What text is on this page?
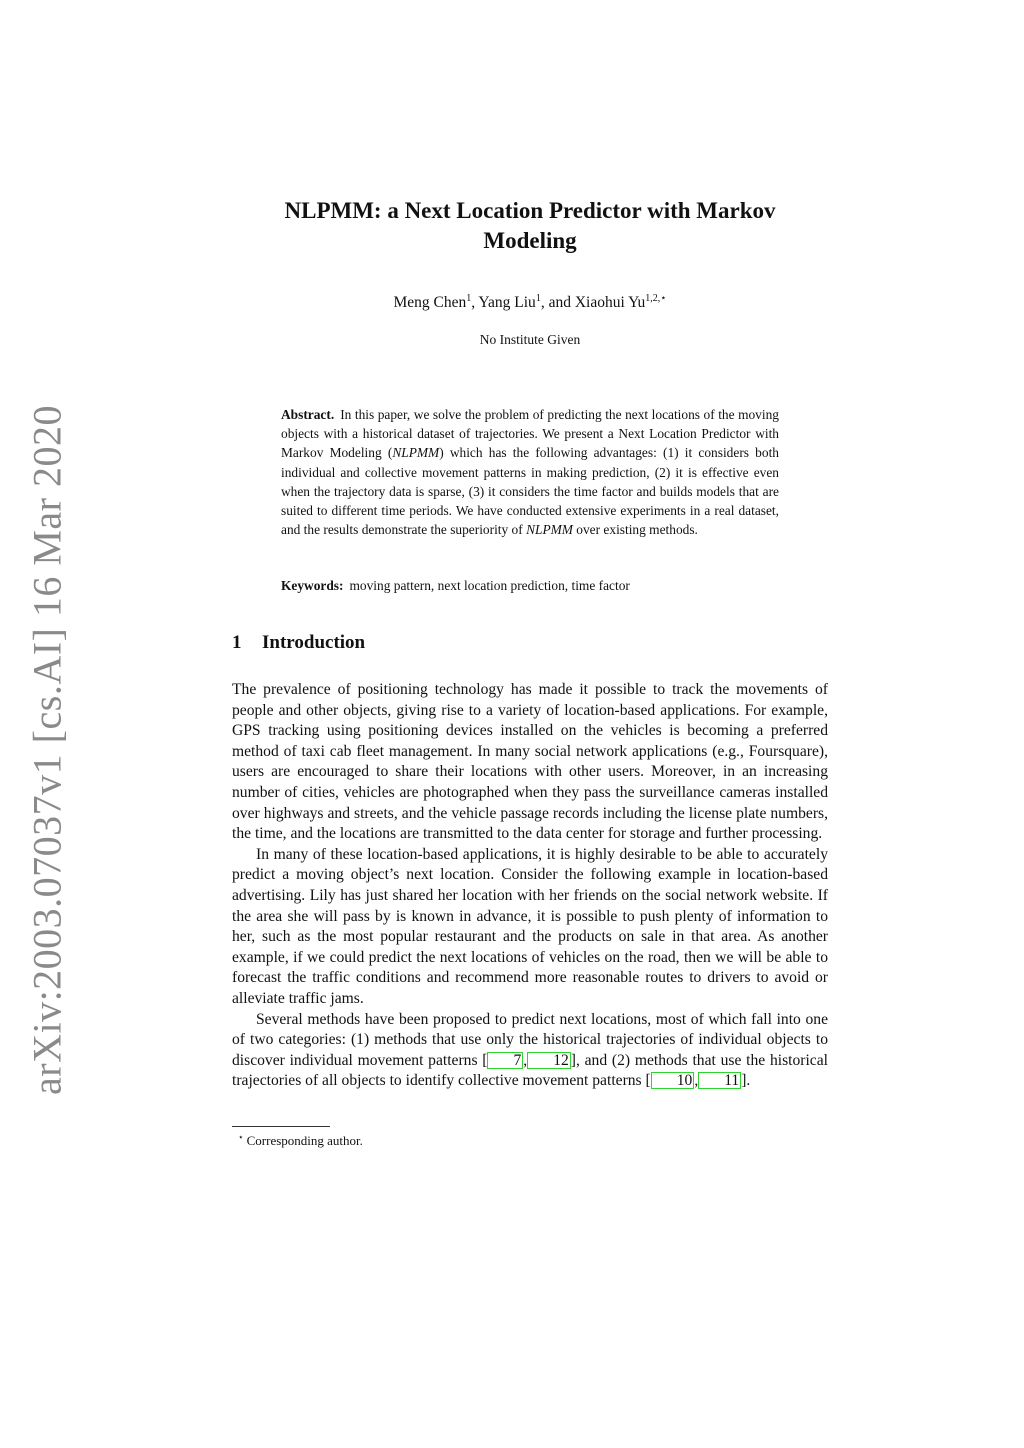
arXiv:2003.07037v1 [cs.AI] 16 Mar 2020
NLPMM: a Next Location Predictor with Markov
Modeling
Meng Chen$^1$, Yang Liu$^1$, and Xiaohui $Yu^{1,2,⋆}$
No Institute Given

Abstract. In this paper, we solve the problem of predicting the next locations of the moving objects with a historical dataset of trajectories. We present a Next Location Predictor with Markov Modeling (NLPMM) which has the following advantages: (1) it considers both individual and collective movement patterns in making prediction, (2) it is effective even when the trajectory data is sparse, (3) it considers the time factor and builds models that are suited to different time periods. We have conducted extensive experiments in a real dataset, and the results demonstrate the superiority of NLPMM over existing methods.

Keywords: moving pattern, next location prediction, time factor

1 Introduction

The prevalence of positioning technology has made it possible to track the movements of people and other objects, giving rise to a variety of location-based applications. For example, GPS tracking using positioning devices installed on the vehicles is becoming a preferred method of taxi cab fleet management. In many social network applications (e.g., Foursquare), users are encouraged to share their locations with other users. Moreover, in an increasing number of cities, vehicles are photographed when they pass the surveillance cameras installed over highways and streets, and the vehicle passage records including the license plate numbers, the time, and the locations are transmitted to the data center for storage and further processing.

In many of these location-based applications, it is highly desirable to be able to accurately predict a moving object’s next location. Consider the following example in location-based advertising. Lily has just shared her location with her friends on the social network website. If the area she will pass by is known in advance, it is possible to push plenty of information to her, such as the most popular restaurant and the products on sale in that area. As another example, if we could predict the next locations of vehicles on the road, then we will be able to forecast the traffic conditions and recommend more reasonable routes to drivers to avoid or alleviate traffic jams.

Several methods have been proposed to predict next locations, most of which fall into one of two categories: (1) methods that use only the historical trajectories of individual objects to discover individual movement patterns [ 7 , 12 ], and (2) methods that use the historical trajectories of all objects to identify collective movement patterns [ 10 , 11 ].

⋆ Corresponding author.
